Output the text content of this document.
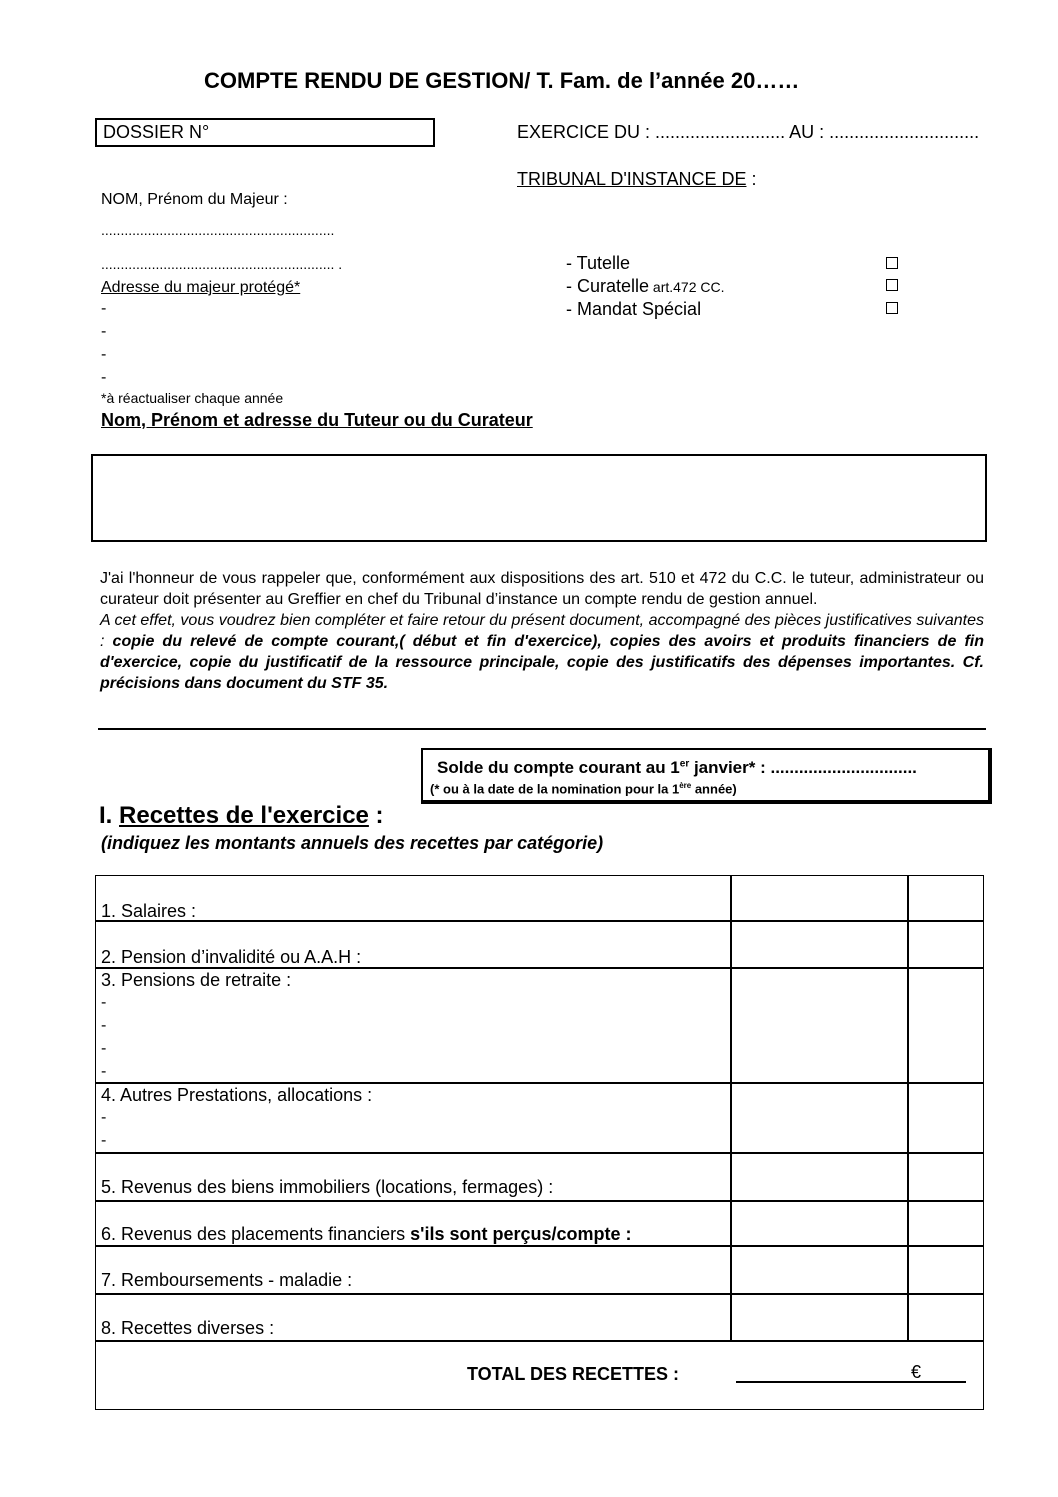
COMPTE RENDU DE GESTION/ T. Fam. de l’année 20……
DOSSIER N°	EXERCICE DU : .......................... AU : ..............................
TRIBUNAL D'INSTANCE DE :
NOM, Prénom du Majeur :
............................................................
............................................................ .	- Tutelle
- Curatelle art.472 CC.
- Mandat Spécial
Adresse du majeur protégé*
-
-
-
-
*à réactualiser chaque année
Nom, Prénom et adresse du Tuteur ou du Curateur
J'ai l'honneur de vous rappeler que, conformément aux dispositions des art. 510 et 472 du C.C. le tuteur, administrateur ou curateur doit présenter au Greffier en chef du Tribunal d’instance un compte rendu de gestion annuel.
A cet effet, vous voudrez bien compléter et faire retour du présent document, accompagné des pièces justificatives suivantes : copie du relevé de compte courant,( début et fin d'exercice), copies des avoirs et produits financiers de fin d'exercice, copie du justificatif de la ressource principale, copie des justificatifs des dépenses importantes. Cf. précisions dans document du STF 35.
Solde du compte courant au 1er janvier* : ...............................
(* ou à la date de la nomination pour la 1ère année)
I. Recettes de l'exercice :
(indiquez les montants annuels des recettes par catégorie)
1. Salaires :
2. Pension d’invalidité ou A.A.H :
3. Pensions de retraite :
-
-
-
-
4. Autres Prestations, allocations :
-
-
5. Revenus des biens immobiliers (locations, fermages) :
6. Revenus des placements financiers s'ils sont perçus/compte :
7. Remboursements - maladie :
8. Recettes diverses :
TOTAL DES RECETTES :	€
